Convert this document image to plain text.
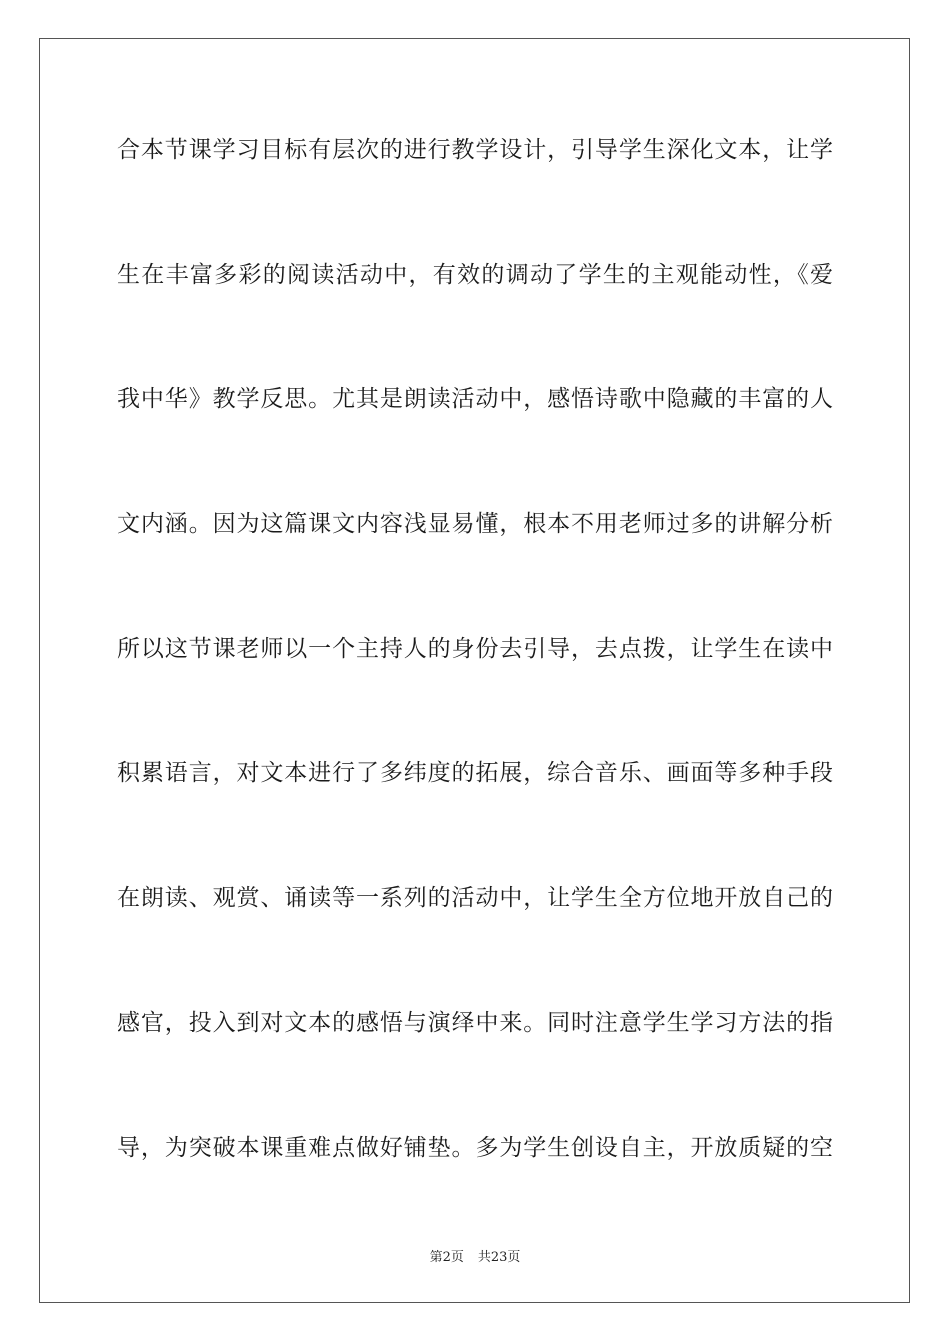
合本节课学习目标有层次的进行教学设计，引导学生深化文本，让学
生在丰富多彩的阅读活动中，有效的调动了学生的主观能动性，《爱
我中华》教学反思。尤其是朗读活动中，感悟诗歌中隐藏的丰富的人
文内涵。因为这篇课文内容浅显易懂，根本不用老师过多的讲解分析
所以这节课老师以一个主持人的身份去引导，去点拨，让学生在读中
积累语言，对文本进行了多纬度的拓展，综合音乐、画面等多种手段
在朗读、观赏、诵读等一系列的活动中，让学生全方位地开放自己的
感官，投入到对文本的感悟与演绎中来。同时注意学生学习方法的指
导，为突破本课重难点做好铺垫。多为学生创设自主，开放质疑的空
第2页 共23页
